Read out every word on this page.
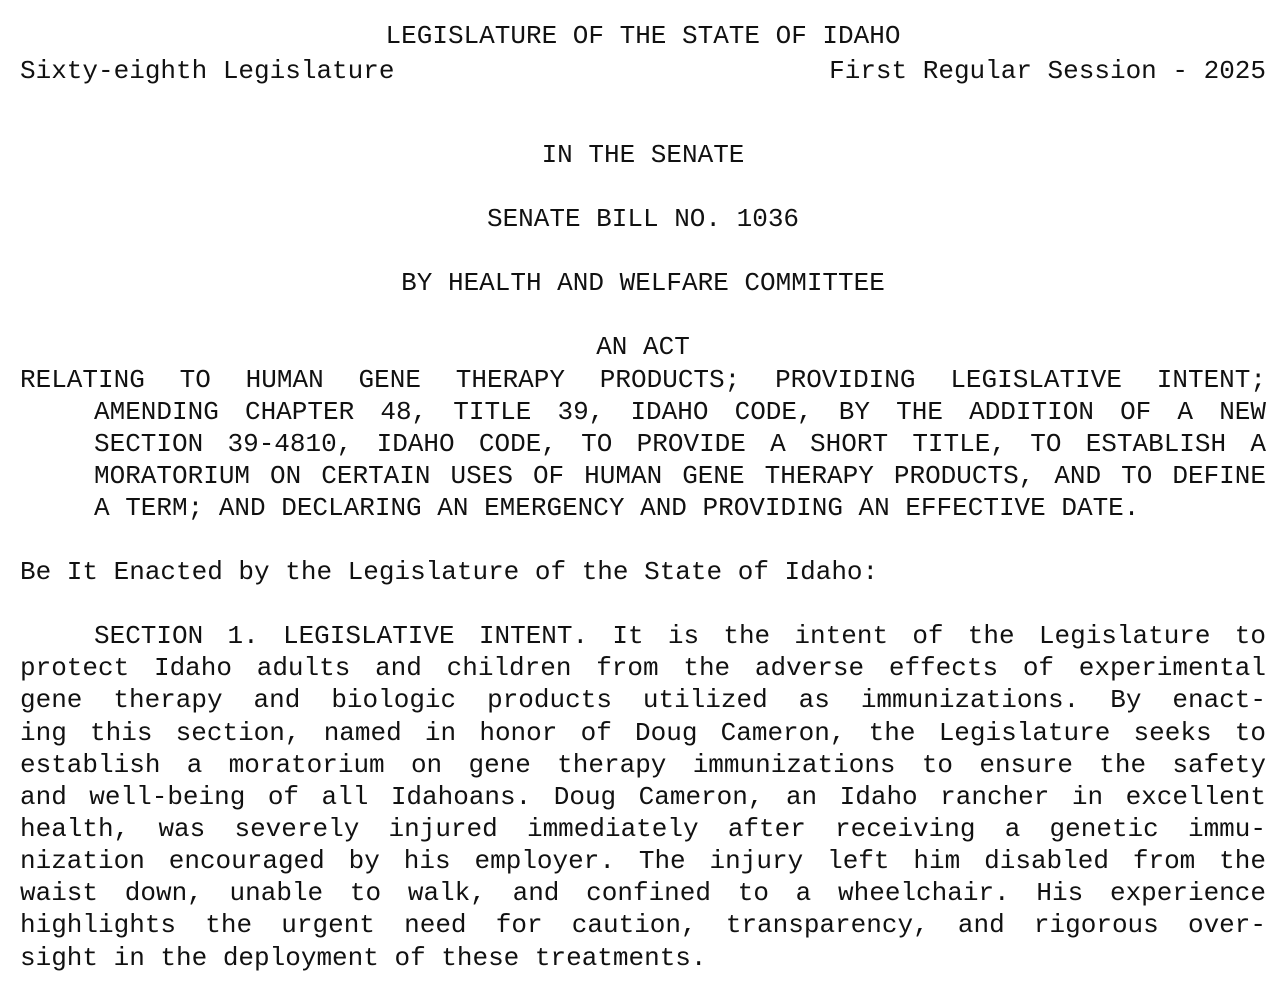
LEGISLATURE OF THE STATE OF IDAHO
Sixty-eighth Legislature	First Regular Session - 2025
IN THE SENATE
SENATE BILL NO. 1036
BY HEALTH AND WELFARE COMMITTEE
AN ACT
RELATING TO HUMAN GENE THERAPY PRODUCTS; PROVIDING LEGISLATIVE INTENT;
AMENDING CHAPTER 48, TITLE 39, IDAHO CODE, BY THE ADDITION OF A NEW
SECTION 39-4810, IDAHO CODE, TO PROVIDE A SHORT TITLE, TO ESTABLISH A
MORATORIUM ON CERTAIN USES OF HUMAN GENE THERAPY PRODUCTS, AND TO DEFINE
A TERM; AND DECLARING AN EMERGENCY AND PROVIDING AN EFFECTIVE DATE.
Be It Enacted by the Legislature of the State of Idaho:
SECTION 1. LEGISLATIVE INTENT. It is the intent of the Legislature to
protect Idaho adults and children from the adverse effects of experimental
gene therapy and biologic products utilized as immunizations. By enact-
ing this section, named in honor of Doug Cameron, the Legislature seeks to
establish a moratorium on gene therapy immunizations to ensure the safety
and well-being of all Idahoans. Doug Cameron, an Idaho rancher in excellent
health, was severely injured immediately after receiving a genetic immu-
nization encouraged by his employer. The injury left him disabled from the
waist down, unable to walk, and confined to a wheelchair. His experience
highlights the urgent need for caution, transparency, and rigorous over-
sight in the deployment of these treatments.
